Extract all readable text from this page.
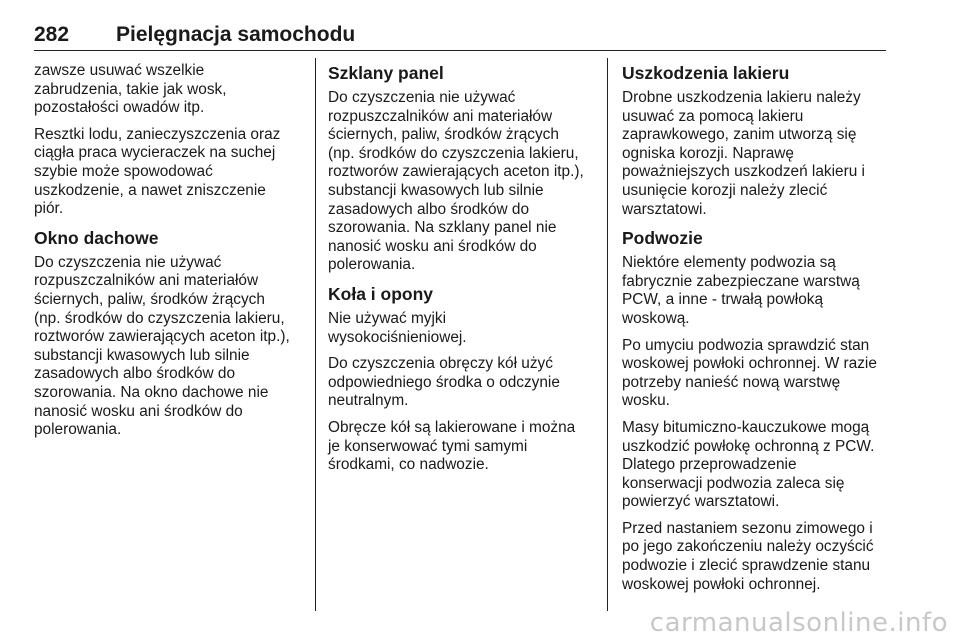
282 Pielęgnacja samochodu

zawsze usuwać wszelkie
zabrudzenia, takie jak wosk,
pozostałości owadów itp.

Resztki lodu, zanieczyszczenia oraz
ciągła praca wycieraczek na suchej
szybie może spowodować
uszkodzenie, a nawet zniszczenie
piór.

Okno dachowe

Do czyszczenia nie używać
rozpuszczalników ani materiałów
ściernych, paliw, środków żrących
(np. środków do czyszczenia lakieru,
roztworów zawierających aceton itp.),
substancji kwasowych lub silnie
zasadowych albo środków do
szorowania. Na okno dachowe nie
nanosić wosku ani środków do
polerowania.

Szklany panel

Do czyszczenia nie używać
rozpuszczalników ani materiałów
ściernych, paliw, środków żrących
(np. środków do czyszczenia lakieru,
roztworów zawierających aceton itp.),
substancji kwasowych lub silnie
zasadowych albo środków do
szorowania. Na szklany panel nie
nanosić wosku ani środków do
polerowania.

Koła i opony

Nie używać myjki
wysokociśnieniowej.

Do czyszczenia obręczy kół użyć
odpowiedniego środka o odczynie
neutralnym.

Obręcze kół są lakierowane i można
je konserwować tymi samymi
środkami, co nadwozie.

Uszkodzenia lakieru

Drobne uszkodzenia lakieru należy
usuwać za pomocą lakieru
zaprawkowego, zanim utworzą się
ogniska korozji. Naprawę
poważniejszych uszkodzeń lakieru i
usunięcie korozji należy zlecić
warsztatowi.

Podwozie

Niektóre elementy podwozia są
fabrycznie zabezpieczane warstwą
PCW, a inne - trwałą powłoką
woskową.

Po umyciu podwozia sprawdzić stan
woskowej powłoki ochronnej. W razie
potrzeby nanieść nową warstwę
wosku.

Masy bitumiczno-kauczukowe mogą
uszkodzić powłokę ochronną z PCW.
Dlatego przeprowadzenie
konserwacji podwozia zaleca się
powierzyć warsztatowi.

Przed nastaniem sezonu zimowego i
po jego zakończeniu należy oczyścić
podwozie i zlecić sprawdzenie stanu
woskowej powłoki ochronnej.

carmanualsonline.info
